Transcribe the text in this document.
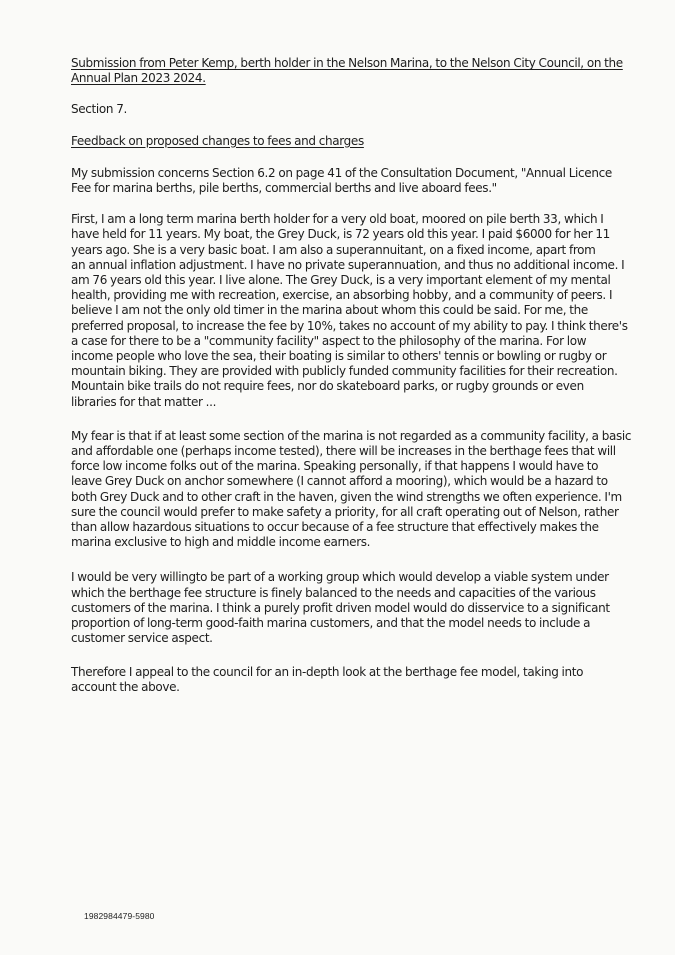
Submission from Peter Kemp, berth holder in the Nelson Marina, to the Nelson City Council, on the
Annual Plan 2023 2024.
Section 7.
Feedback on proposed changes to fees and charges
My submission concerns Section 6.2 on page 41 of the Consultation Document, "Annual Licence
Fee for marina berths, pile berths, commercial berths and live aboard fees."
First, I am a long term marina berth holder for a very old boat, moored on pile berth 33, which I
have held for 11 years. My boat, the Grey Duck, is 72 years old this year. I paid $6000 for her 11
years ago. She is a very basic boat. I am also a superannuitant, on a fixed income, apart from
an annual inflation adjustment. I have no private superannuation, and thus no additional income. I
am 76 years old this year. I live alone. The Grey Duck, is a very important element of my mental
health, providing me with recreation, exercise, an absorbing hobby, and a community of peers. I
believe I am not the only old timer in the marina about whom this could be said. For me, the
preferred proposal, to increase the fee by 10%, takes no account of my ability to pay. I think there's
a case for there to be a "community facility" aspect to the philosophy of the marina. For low
income people who love the sea, their boating is similar to others' tennis or bowling or rugby or
mountain biking. They are provided with publicly funded community facilities for their recreation.
Mountain bike trails do not require fees, nor do skateboard parks, or rugby grounds or even
libraries for that matter ...
My fear is that if at least some section of the marina is not regarded as a community facility, a basic
and affordable one (perhaps income tested), there will be increases in the berthage fees that will
force low income folks out of the marina. Speaking personally, if that happens I would have to
leave Grey Duck on anchor somewhere (I cannot afford a mooring), which would be a hazard to
both Grey Duck and to other craft in the haven, given the wind strengths we often experience. I'm
sure the council would prefer to make safety a priority, for all craft operating out of Nelson, rather
than allow hazardous situations to occur because of a fee structure that effectively makes the
marina exclusive to high and middle income earners.
I would be very willingto be part of a working group which would develop a viable system under
which the berthage fee structure is finely balanced to the needs and capacities of the various
customers of the marina. I think a purely profit driven model would do disservice to a significant
proportion of long-term good-faith marina customers, and that the model needs to include a
customer service aspect.
Therefore I appeal to the council for an in-depth look at the berthage fee model, taking into
account the above.
1982984479-5980
